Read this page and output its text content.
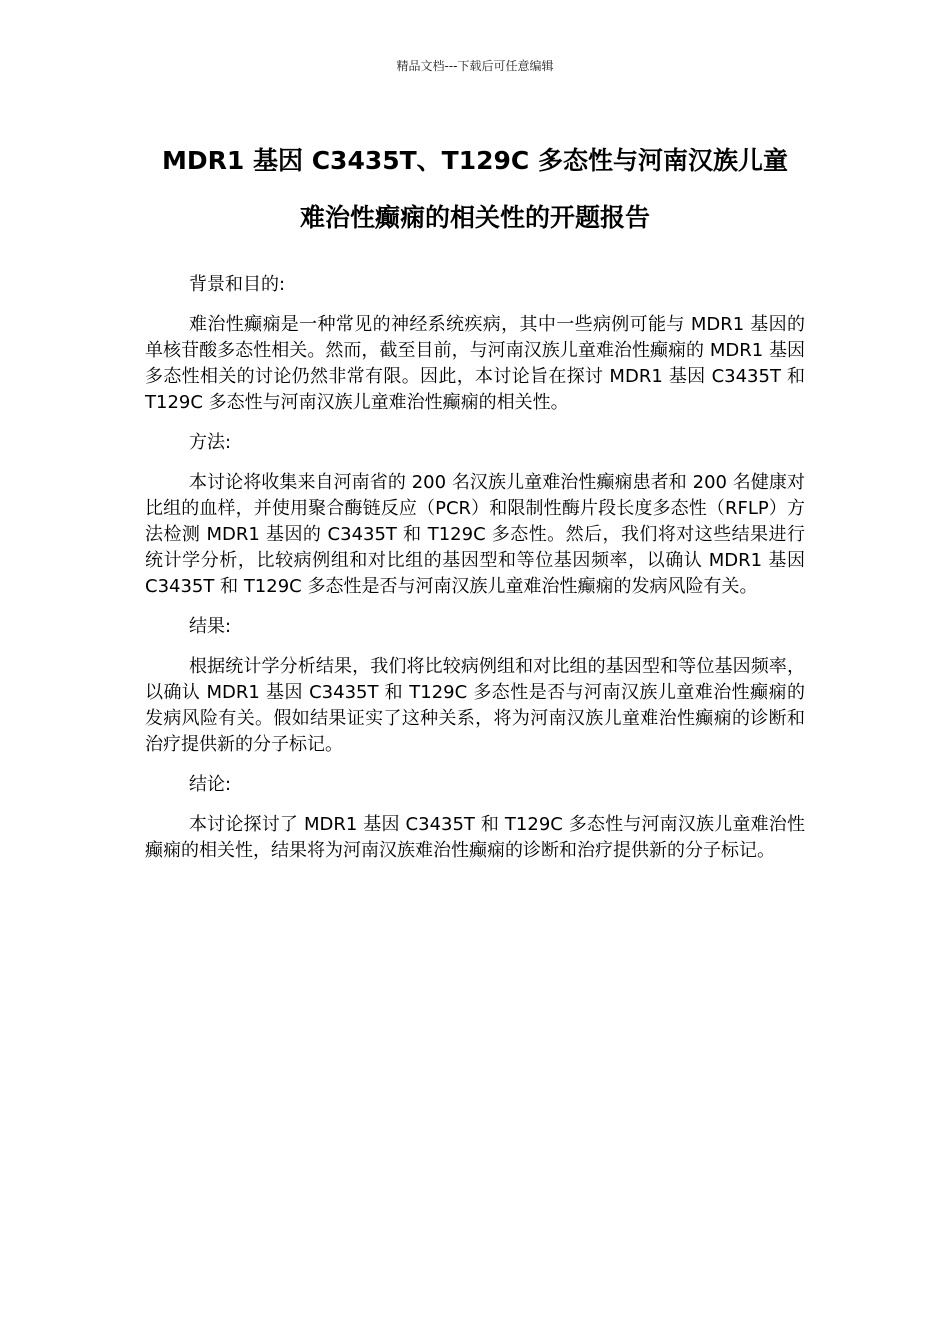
精品文档---下载后可任意编辑
MDR1 基因 C3435T、T129C 多态性与河南汉族儿童
难治性癫痫的相关性的开题报告

背景和目的:

难治性癫痫是一种常见的神经系统疾病，其中一些病例可能与 MDR1 基因的单核苷酸多态性相关。然而，截至目前，与河南汉族儿童难治性癫痫的 MDR1 基因多态性相关的讨论仍然非常有限。因此，本讨论旨在探讨 MDR1 基因 C3435T 和 T129C 多态性与河南汉族儿童难治性癫痫的相关性。

方法:

本讨论将收集来自河南省的 200 名汉族儿童难治性癫痫患者和 200 名健康对比组的血样，并使用聚合酶链反应（PCR）和限制性酶片段长度多态性（RFLP）方法检测 MDR1 基因的 C3435T 和 T129C 多态性。然后，我们将对这些结果进行统计学分析，比较病例组和对比组的基因型和等位基因频率，以确认 MDR1 基因 C3435T 和 T129C 多态性是否与河南汉族儿童难治性癫痫的发病风险有关。

结果:

根据统计学分析结果，我们将比较病例组和对比组的基因型和等位基因频率，以确认 MDR1 基因 C3435T 和 T129C 多态性是否与河南汉族儿童难治性癫痫的发病风险有关。假如结果证实了这种关系，将为河南汉族儿童难治性癫痫的诊断和治疗提供新的分子标记。

结论:

本讨论探讨了 MDR1 基因 C3435T 和 T129C 多态性与河南汉族儿童难治性癫痫的相关性，结果将为河南汉族难治性癫痫的诊断和治疗提供新的分子标记。
